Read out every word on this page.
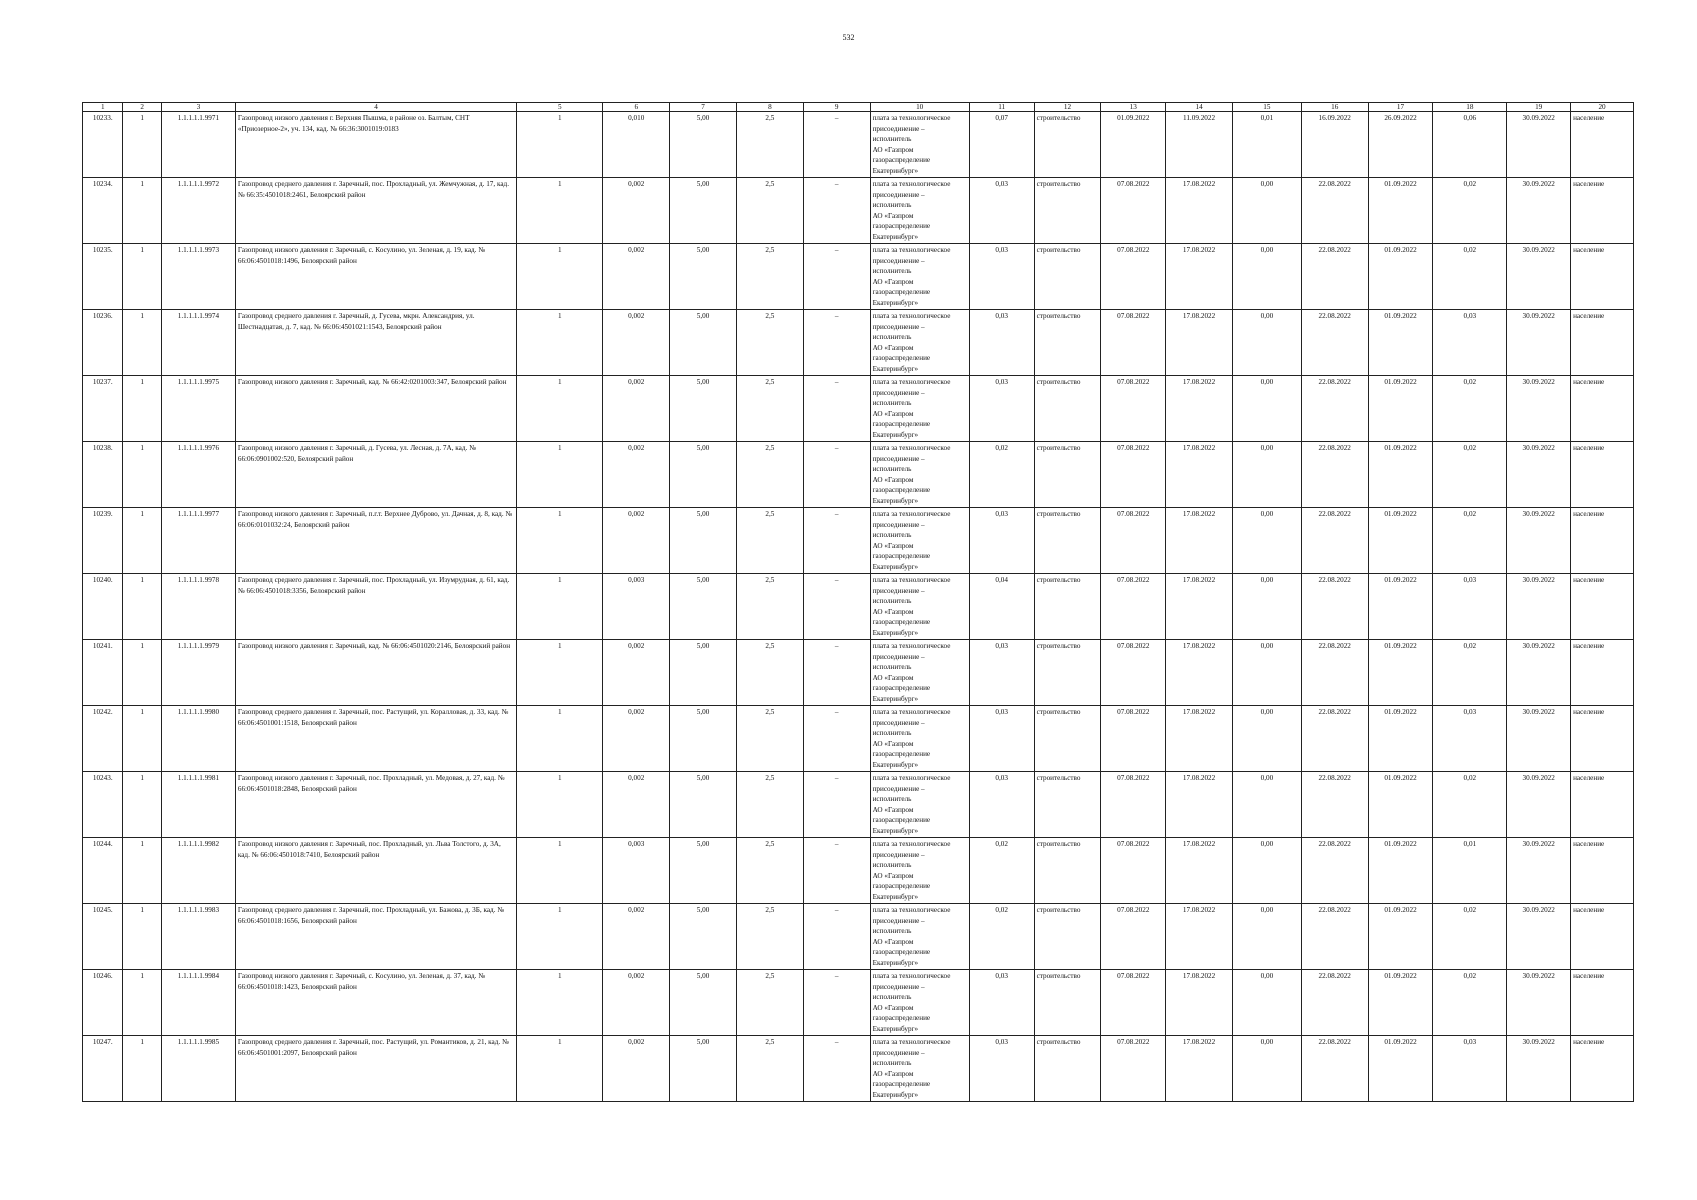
532
1	2	3	4	5	6	7	8	9	10	11	12	13	14	15	16	17	18	19	20
10233.	1	1.1.1.1.1.9971	Газопровод низкого давления г. Верхняя Пышма, в районе оз. Балтым, СНТ «Приозерное-2», уч. 134, кад. № 66:36:3001019:0183	1	0,010	5,00	2,5	–	плата за технологическое присоединение –
исполнитель
АО «Газпром
газораспределение
Екатеринбург»	0,07	строительство	01.09.2022	11.09.2022	0,01	16.09.2022	26.09.2022	0,06	30.09.2022	население
10234.	1	1.1.1.1.1.9972	Газопровод среднего давления г. Заречный, пос. Прохладный, ул. Жемчужная, д. 17, кад. № 66:35:4501018:2461, Белоярский район	1	0,002	5,00	2,5	–	плата за технологическое присоединение –
исполнитель
АО «Газпром
газораспределение
Екатеринбург»	0,03	строительство	07.08.2022	17.08.2022	0,00	22.08.2022	01.09.2022	0,02	30.09.2022	население
10235.	1	1.1.1.1.1.9973	Газопровод низкого давления г. Заречный, с. Косулино, ул. Зеленая, д. 19, кад. № 66:06:4501018:1496, Белоярский район	1	0,002	5,00	2,5	–	плата за технологическое присоединение –
исполнитель
АО «Газпром
газораспределение
Екатеринбург»	0,03	строительство	07.08.2022	17.08.2022	0,00	22.08.2022	01.09.2022	0,02	30.09.2022	население
10236.	1	1.1.1.1.1.9974	Газопровод среднего давления г. Заречный, д. Гусева, мкрн. Александрия, ул. Шестнадцатая, д. 7, кад. № 66:06:4501021:1543, Белоярский район	1	0,002	5,00	2,5	–	плата за технологическое присоединение –
исполнитель
АО «Газпром
газораспределение
Екатеринбург»	0,03	строительство	07.08.2022	17.08.2022	0,00	22.08.2022	01.09.2022	0,03	30.09.2022	население
10237.	1	1.1.1.1.1.9975	Газопровод низкого давления г. Заречный, кад. № 66:42:0201003:347, Белоярский район	1	0,002	5,00	2,5	–	плата за технологическое присоединение –
исполнитель
АО «Газпром
газораспределение
Екатеринбург»	0,03	строительство	07.08.2022	17.08.2022	0,00	22.08.2022	01.09.2022	0,02	30.09.2022	население
10238.	1	1.1.1.1.1.9976	Газопровод низкого давления г. Заречный, д. Гусева, ул. Лесная, д. 7А, кад. № 66:06:0901002:520, Белоярский район	1	0,002	5,00	2,5	–	плата за технологическое присоединение –
исполнитель
АО «Газпром
газораспределение
Екатеринбург»	0,02	строительство	07.08.2022	17.08.2022	0,00	22.08.2022	01.09.2022	0,02	30.09.2022	население
10239.	1	1.1.1.1.1.9977	Газопровод низкого давления г. Заречный, п.г.т. Верхнее Дуброво, ул. Дачная, д. 8, кад. № 66:06:0101032:24, Белоярский район	1	0,002	5,00	2,5	–	плата за технологическое присоединение –
исполнитель
АО «Газпром
газораспределение
Екатеринбург»	0,03	строительство	07.08.2022	17.08.2022	0,00	22.08.2022	01.09.2022	0,02	30.09.2022	население
10240.	1	1.1.1.1.1.9978	Газопровод среднего давления г. Заречный, пос. Прохладный, ул. Изумрудная, д. 61, кад. № 66:06:4501018:3356, Белоярский район	1	0,003	5,00	2,5	–	плата за технологическое присоединение –
исполнитель
АО «Газпром
газораспределение
Екатеринбург»	0,04	строительство	07.08.2022	17.08.2022	0,00	22.08.2022	01.09.2022	0,03	30.09.2022	население
10241.	1	1.1.1.1.1.9979	Газопровод низкого давления г. Заречный, кад. № 66:06:4501020:2146, Белоярский район	1	0,002	5,00	2,5	–	плата за технологическое присоединение –
исполнитель
АО «Газпром
газораспределение
Екатеринбург»	0,03	строительство	07.08.2022	17.08.2022	0,00	22.08.2022	01.09.2022	0,02	30.09.2022	население
10242.	1	1.1.1.1.1.9980	Газопровод среднего давления г. Заречный, пос. Растущий, ул. Коралловая, д. 33, кад. № 66:06:4501001:1518, Белоярский район	1	0,002	5,00	2,5	–	плата за технологическое присоединение –
исполнитель
АО «Газпром
газораспределение
Екатеринбург»	0,03	строительство	07.08.2022	17.08.2022	0,00	22.08.2022	01.09.2022	0,03	30.09.2022	население
10243.	1	1.1.1.1.1.9981	Газопровод низкого давления г. Заречный, пос. Прохладный, ул. Медовая, д. 27, кад. № 66:06:4501018:2848, Белоярский район	1	0,002	5,00	2,5	–	плата за технологическое присоединение –
исполнитель
АО «Газпром
газораспределение
Екатеринбург»	0,03	строительство	07.08.2022	17.08.2022	0,00	22.08.2022	01.09.2022	0,02	30.09.2022	население
10244.	1	1.1.1.1.1.9982	Газопровод низкого давления г. Заречный, пос. Прохладный, ул. Льва Толстого, д. 3А, кад. № 66:06:4501018:7410, Белоярский район	1	0,003	5,00	2,5	–	плата за технологическое присоединение –
исполнитель
АО «Газпром
газораспределение
Екатеринбург»	0,02	строительство	07.08.2022	17.08.2022	0,00	22.08.2022	01.09.2022	0,01	30.09.2022	население
10245.	1	1.1.1.1.1.9983	Газопровод среднего давления г. Заречный, пос. Прохладный, ул. Бажова, д. 3Б, кад. № 66:06:4501018:1656, Белоярский район	1	0,002	5,00	2,5	–	плата за технологическое присоединение –
исполнитель
АО «Газпром
газораспределение
Екатеринбург»	0,02	строительство	07.08.2022	17.08.2022	0,00	22.08.2022	01.09.2022	0,02	30.09.2022	население
10246.	1	1.1.1.1.1.9984	Газопровод низкого давления г. Заречный, с. Косулино, ул. Зеленая, д. 37, кад. № 66:06:4501018:1423, Белоярский район	1	0,002	5,00	2,5	–	плата за технологическое присоединение –
исполнитель
АО «Газпром
газораспределение
Екатеринбург»	0,03	строительство	07.08.2022	17.08.2022	0,00	22.08.2022	01.09.2022	0,02	30.09.2022	население
10247.	1	1.1.1.1.1.9985	Газопровод среднего давления г. Заречный, пос. Растущий, ул. Романтиков, д. 21, кад. № 66:06:4501001:2097, Белоярский район	1	0,002	5,00	2,5	–	плата за технологическое присоединение –
исполнитель
АО «Газпром
газораспределение
Екатеринбург»	0,03	строительство	07.08.2022	17.08.2022	0,00	22.08.2022	01.09.2022	0,03	30.09.2022	население
